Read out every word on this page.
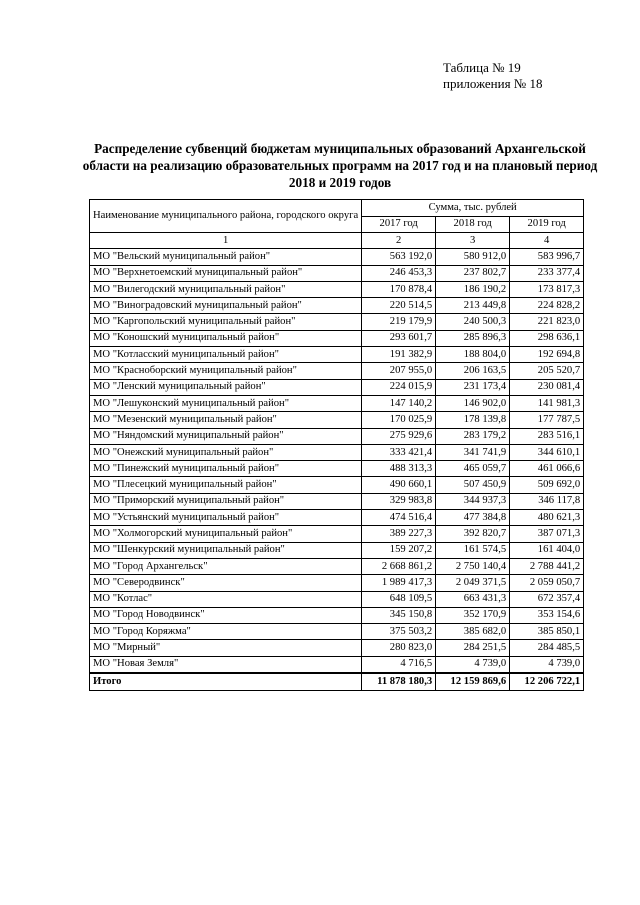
Таблица № 19
приложения № 18
Распределение субвенций бюджетам муниципальных образований Архангельской
области на реализацию образовательных программ на 2017 год и на плановый период
2018 и 2019 годов
Наименование муниципального района, городского округа	Сумма, тыс. рублей		
	2017 год	2018 год	2019 год
1	2	3	4
МО "Вельский муниципальный район"	563 192,0	580 912,0	583 996,7
МО "Верхнетоемский муниципальный район"	246 453,3	237 802,7	233 377,4
МО "Вилегодский муниципальный район"	170 878,4	186 190,2	173 817,3
МО "Виноградовский муниципальный район"	220 514,5	213 449,8	224 828,2
МО "Каргопольский муниципальный район"	219 179,9	240 500,3	221 823,0
МО "Коношский муниципальный район"	293 601,7	285 896,3	298 636,1
МО "Котласский муниципальный район"	191 382,9	188 804,0	192 694,8
МО "Красноборский муниципальный район"	207 955,0	206 163,5	205 520,7
МО "Ленский муниципальный район"	224 015,9	231 173,4	230 081,4
МО "Лешуконский муниципальный район"	147 140,2	146 902,0	141 981,3
МО "Мезенский муниципальный район"	170 025,9	178 139,8	177 787,5
МО "Няндомский муниципальный район"	275 929,6	283 179,2	283 516,1
МО "Онежский муниципальный район"	333 421,4	341 741,9	344 610,1
МО "Пинежский муниципальный район"	488 313,3	465 059,7	461 066,6
МО "Плесецкий муниципальный район"	490 660,1	507 450,9	509 692,0
МО "Приморский муниципальный район"	329 983,8	344 937,3	346 117,8
МО "Устьянский муниципальный район"	474 516,4	477 384,8	480 621,3
МО "Холмогорский муниципальный район"	389 227,3	392 820,7	387 071,3
МО "Шенкурский муниципальный район"	159 207,2	161 574,5	161 404,0
МО "Город Архангельск"	2 668 861,2	2 750 140,4	2 788 441,2
МО "Северодвинск"	1 989 417,3	2 049 371,5	2 059 050,7
МО "Котлас"	648 109,5	663 431,3	672 357,4
МО "Город Новодвинск"	345 150,8	352 170,9	353 154,6
МО "Город Коряжма"	375 503,2	385 682,0	385 850,1
МО "Мирный"	280 823,0	284 251,5	284 485,5
МО "Новая Земля"	4 716,5	4 739,0	4 739,0
Итого	11 878 180,3	12 159 869,6	12 206 722,1
